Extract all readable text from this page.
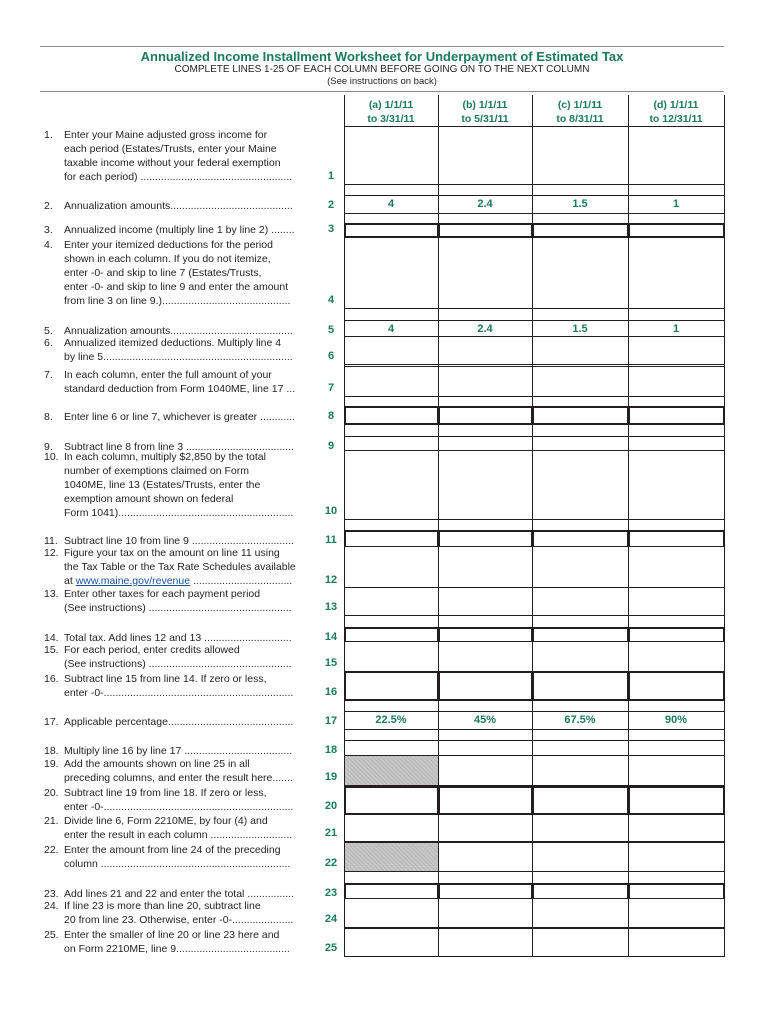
Annualized Income Installment Worksheet for Underpayment of Estimated Tax
COMPLETE LINES 1-25 OF EACH COLUMN BEFORE GOING ON TO THE NEXT COLUMN
(See instructions on back)
(a) 1/1/11
to 3/31/11
(b) 1/1/11
to 5/31/11
(c) 1/1/11
to 8/31/11
(d) 1/1/11
to 12/31/11
1. Enter your Maine adjusted gross income for
each period (Estates/Trusts, enter your Maine
taxable income without your federal exemption
for each period) ....................................................	1
2. Annualization amounts..........................................	2	4	2.4	1.5	1
3. Annualized income (multiply line 1 by line 2) ........	3
4. Enter your itemized deductions for the period
shown in each column. If you do not itemize,
enter -0- and skip to line 7 (Estates/Trusts,
enter -0- and skip to line 9 and enter the amount
from line 3 on line 9.)............................................	4
5. Annualization amounts..........................................	5	4	2.4	1.5	1
6. Annualized itemized deductions. Multiply line 4
by line 5.................................................................	6
7. In each column, enter the full amount of your
standard deduction from Form 1040ME, line 17 ...	7
8. Enter line 6 or line 7, whichever is greater ............	8
9. Subtract line 8 from line 3 .....................................	9
10. In each column, multiply $2,850 by the total
number of exemptions claimed on Form
1040ME, line 13 (Estates/Trusts, enter the
exemption amount shown on federal
Form 1041)............................................................	10
11. Subtract line 10 from line 9 ...................................	11
12. Figure your tax on the amount on line 11 using
the Tax Table or the Tax Rate Schedules available
at www.maine.gov/revenue ..................................	12
13. Enter other taxes for each payment period
(See instructions) .................................................	13
14. Total tax. Add lines 12 and 13 ..............................	14
15. For each period, enter credits allowed
(See instructions) .................................................	15
16. Subtract line 15 from line 14. If zero or less,
enter -0-.................................................................	16
17. Applicable percentage...........................................	17	22.5%	45%	67.5%	90%
18. Multiply line 16 by line 17 .....................................	18
19. Add the amounts shown on line 25 in all
preceding columns, and enter the result here.......	19
20. Subtract line 19 from line 18. If zero or less,
enter -0-.................................................................	20
21. Divide line 6, Form 2210ME, by four (4) and
enter the result in each column ............................	21
22. Enter the amount from line 24 of the preceding
column .................................................................	22
23. Add lines 21 and 22 and enter the total ................	23
24. If line 23 is more than line 20, subtract line
20 from line 23. Otherwise, enter -0-.....................	24
25. Enter the smaller of line 20 or line 23 here and
on Form 2210ME, line 9.......................................	25
